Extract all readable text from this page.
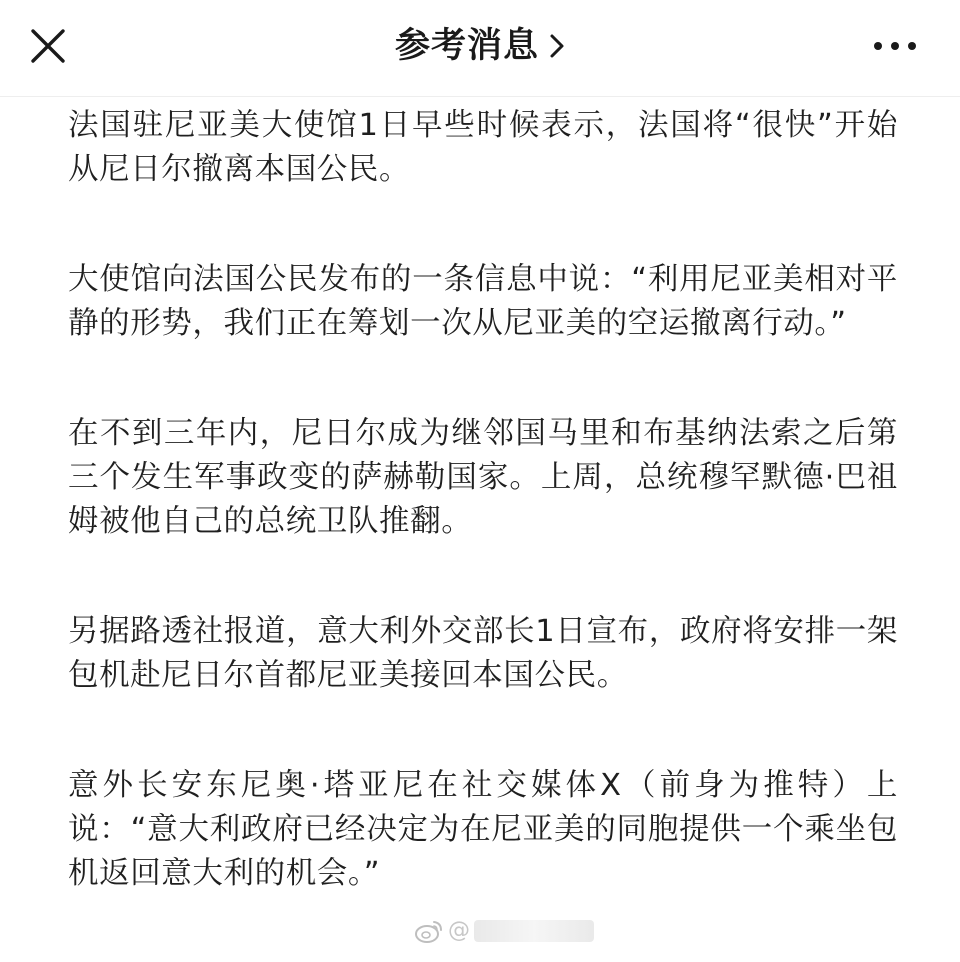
参考消息

法国驻尼亚美大使馆1日早些时候表示，法国将“很快”开始从尼日尔撤离本国公民。

大使馆向法国公民发布的一条信息中说：“利用尼亚美相对平静的形势，我们正在筹划一次从尼亚美的空运撤离行动。”

在不到三年内，尼日尔成为继邻国马里和布基纳法索之后第三个发生军事政变的萨赫勒国家。上周，总统穆罕默德·巴祖姆被他自己的总统卫队推翻。

另据路透社报道，意大利外交部长1日宣布，政府将安排一架包机赴尼日尔首都尼亚美接回本国公民。

意外长安东尼奥·塔亚尼在社交媒体X（前身为推特）上说：“意大利政府已经决定为在尼亚美的同胞提供一个乘坐包机返回意大利的机会。”

@
